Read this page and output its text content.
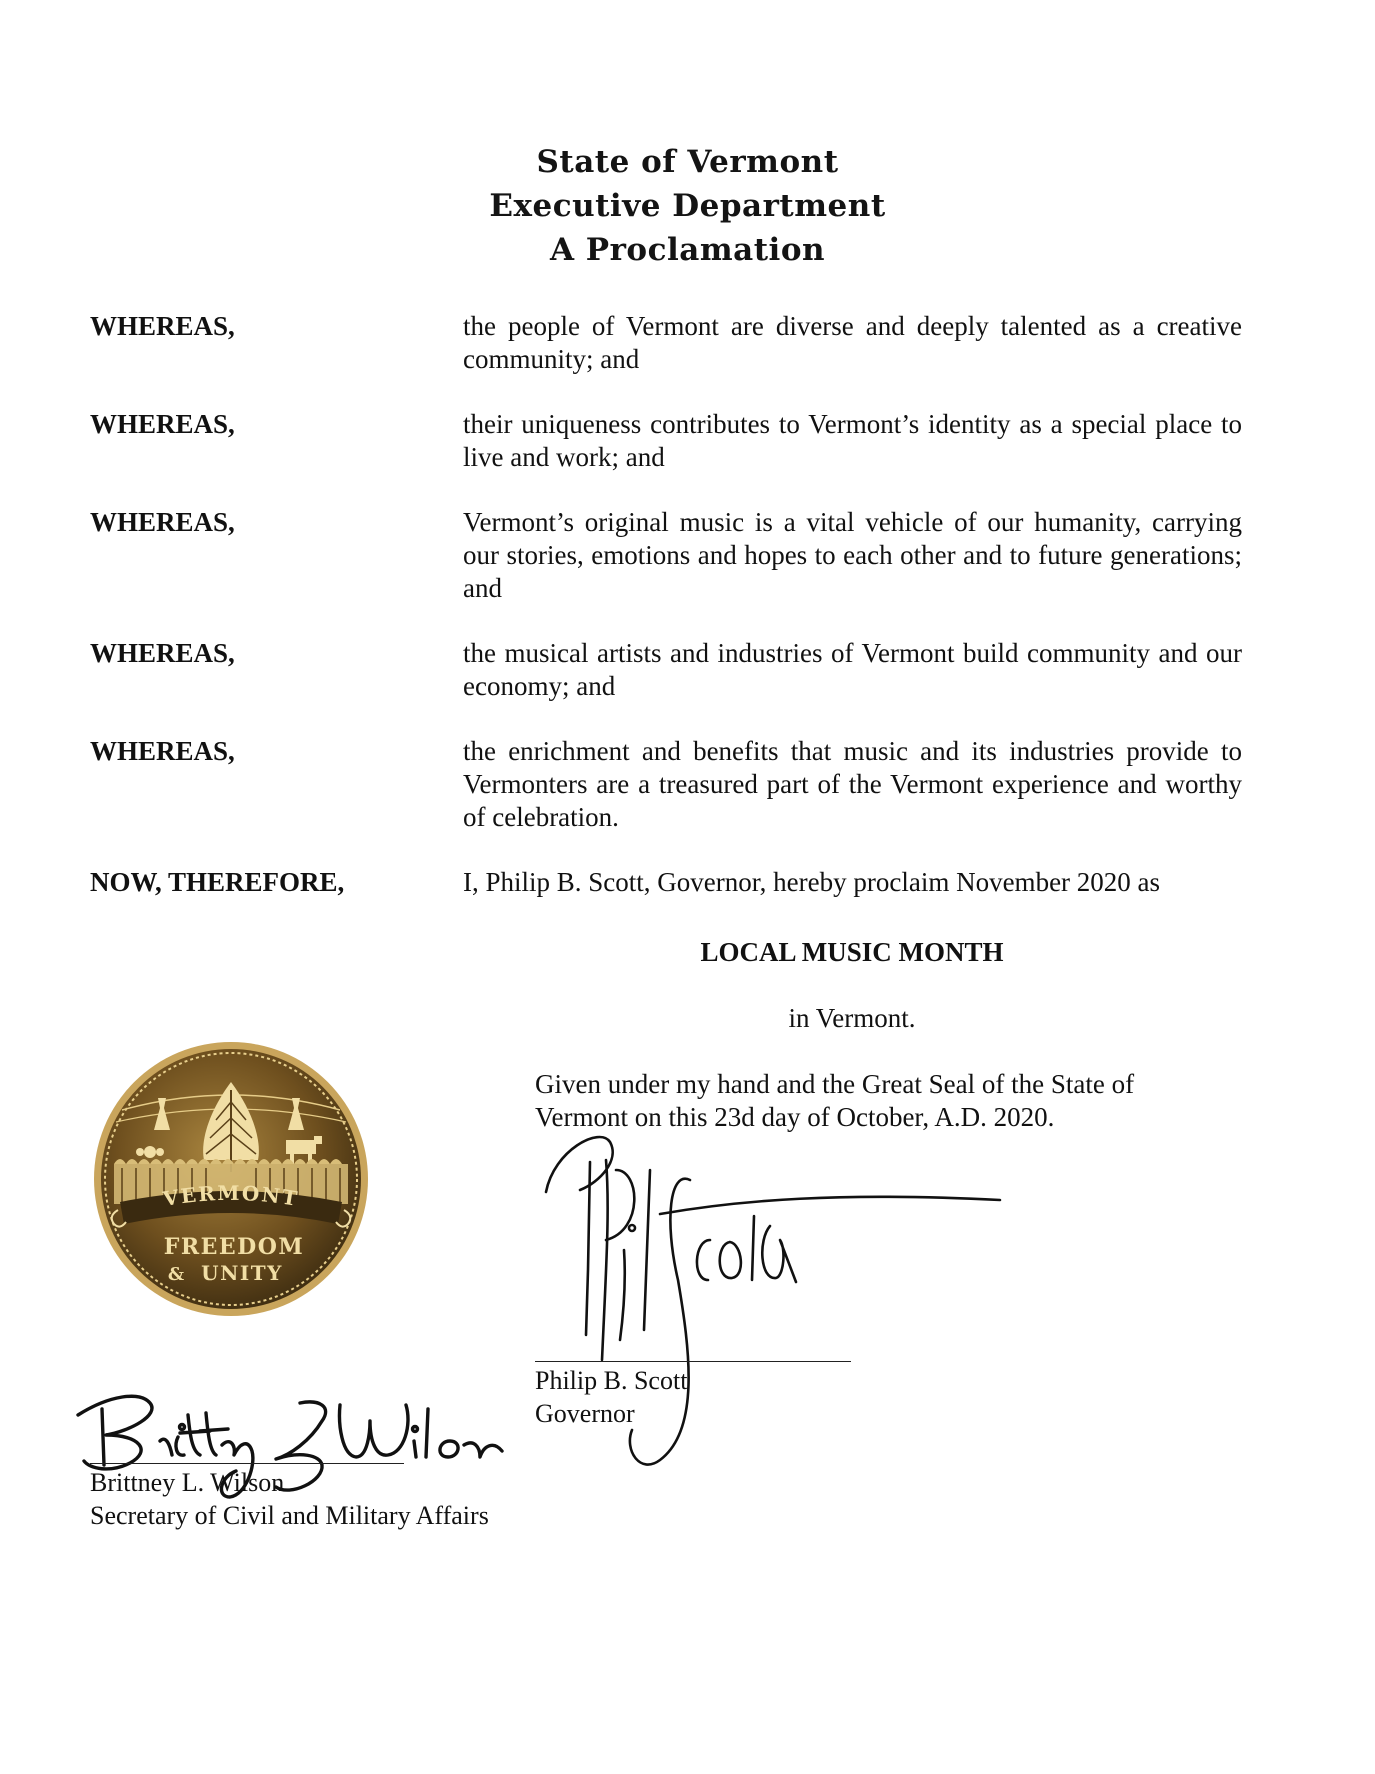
State of Vermont
Executive Department
A Proclamation
WHEREAS,	the people of Vermont are diverse and deeply talented as a creative community; and
WHEREAS,	their uniqueness contributes to Vermont’s identity as a special place to live and work; and
WHEREAS,	Vermont’s original music is a vital vehicle of our humanity, carrying our stories, emotions and hopes to each other and to future generations; and
WHEREAS,	the musical artists and industries of Vermont build community and our economy; and
WHEREAS,	the enrichment and benefits that music and its industries provide to Vermonters are a treasured part of the Vermont experience and worthy of celebration.
NOW, THEREFORE,	I, Philip B. Scott, Governor, hereby proclaim November 2020 as
LOCAL MUSIC MONTH
in Vermont.
Given under my hand and the Great Seal of the State of
Vermont on this 23d day of October, A.D. 2020.
VERMONT
FREEDOM
UNITY
&
Philip B. Scott
Governor
Brittney L. Wilson
Secretary of Civil and Military Affairs
